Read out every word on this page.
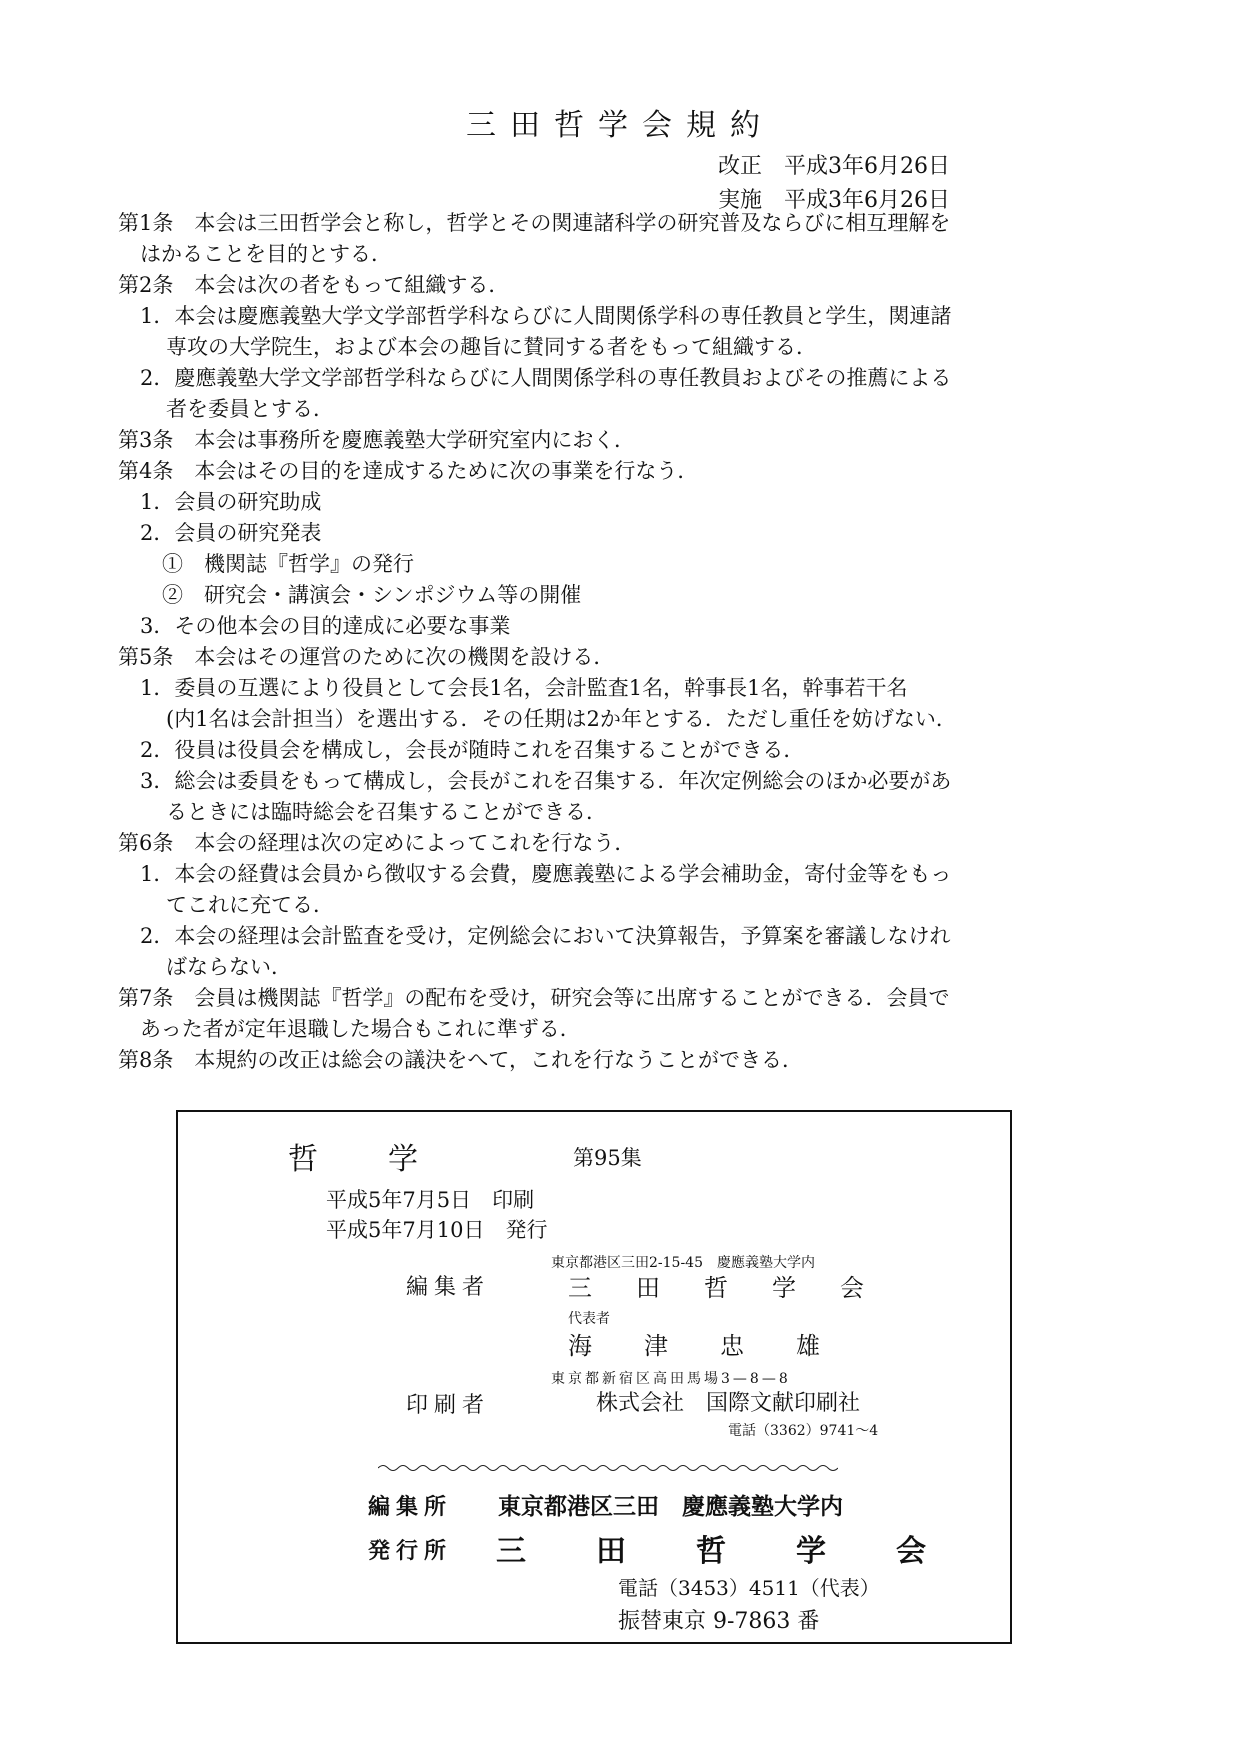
三田哲学会規約
改正　平成3年6月26日
実施　平成3年6月26日
第1条　本会は三田哲学会と称し，哲学とその関連諸科学の研究普及ならびに相互理解を
はかることを目的とする．
第2条　本会は次の者をもって組織する．
1．本会は慶應義塾大学文学部哲学科ならびに人間関係学科の専任教員と学生，関連諸
専攻の大学院生，および本会の趣旨に賛同する者をもって組織する．
2．慶應義塾大学文学部哲学科ならびに人間関係学科の専任教員およびその推薦による
者を委員とする．
第3条　本会は事務所を慶應義塾大学研究室内におく．
第4条　本会はその目的を達成するために次の事業を行なう．
1．会員の研究助成
2．会員の研究発表
①　機関誌『哲学』の発行
②　研究会・講演会・シンポジウム等の開催
3．その他本会の目的達成に必要な事業
第5条　本会はその運営のために次の機関を設ける．
1．委員の互選により役員として会長1名，会計監査1名，幹事長1名，幹事若干名
(内1名は会計担当）を選出する．その任期は2か年とする．ただし重任を妨げない．
2．役員は役員会を構成し，会長が随時これを召集することができる．
3．総会は委員をもって構成し，会長がこれを召集する．年次定例総会のほか必要があ
るときには臨時総会を召集することができる．
第6条　本会の経理は次の定めによってこれを行なう．
1．本会の経費は会員から徴収する会費，慶應義塾による学会補助金，寄付金等をもっ
てこれに充てる．
2．本会の経理は会計監査を受け，定例総会において決算報告，予算案を審議しなけれ
ばならない．
第7条　会員は機関誌『哲学』の配布を受け，研究会等に出席することができる．会員で
あった者が定年退職した場合もこれに準ずる．
第8条　本規約の改正は総会の議決をへて，これを行なうことができる．
哲学	第95集
平成5年7月5日　印刷
平成5年7月10日　発行
東京都港区三田2-15-45　慶應義塾大学内
編集者	三　田　哲　学　会
代表者
海　津　忠　雄
東京都新宿区高田馬場3—8—8
印刷者	株式会社　国際文献印刷社
電話（3362）9741～4
編集所 東京都港区三田　慶應義塾大学内
発行所 三　田　哲　学　会
電話（3453）4511（代表）
振替東京 9-7863 番
